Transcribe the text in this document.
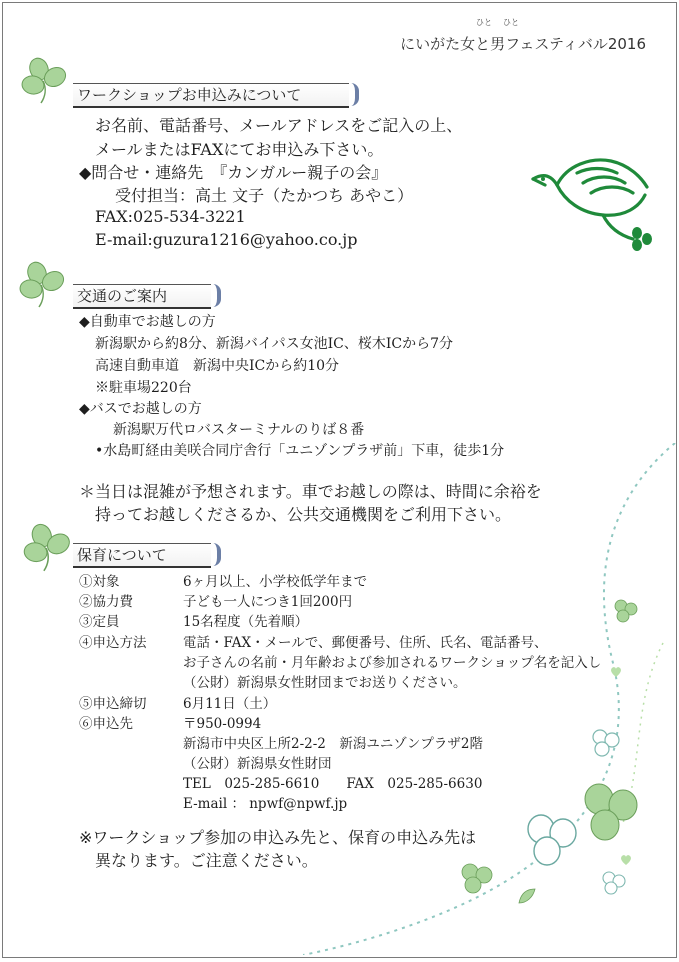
ひと ひと
にいがた女と男フェスティバル2016
ワークショップお申込みについて
お名前、電話番号、メールアドレスをご記入の上、
メールまたはFAXにてお申込み下さい。
◆問合せ・連絡先　『カンガルー親子の会』
受付担当：高土 文子（たかつち あやこ）
FAX:025-534-3221
E-mail:guzura1216@yahoo.co.jp
交通のご案内
◆自動車でお越しの方
新潟駅から約8分、新潟バイパス女池IC、桜木ICから7分
高速自動車道　新潟中央ICから約10分
※駐車場220台
◆バスでお越しの方
新潟駅万代ロバスターミナルのりば８番
•水島町経由美咲合同庁舎行「ユニゾンプラザ前」下車，徒歩1分
＊当日は混雑が予想されます。車でお越しの際は、時間に余裕を
持ってお越しくださるか、公共交通機関をご利用下さい。
保育について
①対象	6ヶ月以上、小学校低学年まで
②協力費	子ども一人につき1回200円
③定員	15名程度（先着順）
④申込方法	電話・FAX・メールで、郵便番号、住所、氏名、電話番号、
お子さんの名前・月年齢および参加されるワークショップ名を記入し
（公財）新潟県女性財団までお送りください。
⑤申込締切	6月11日（土）
⑥申込先	〒950-0994
新潟市中央区上所2-2-2　新潟ユニゾンプラザ2階
（公財）新潟県女性財団
TEL　025-285-6610　　FAX　025-285-6630
E-mail ： npwf@npwf.jp
※ワークショップ参加の申込み先と、保育の申込み先は
異なります。ご注意ください。
